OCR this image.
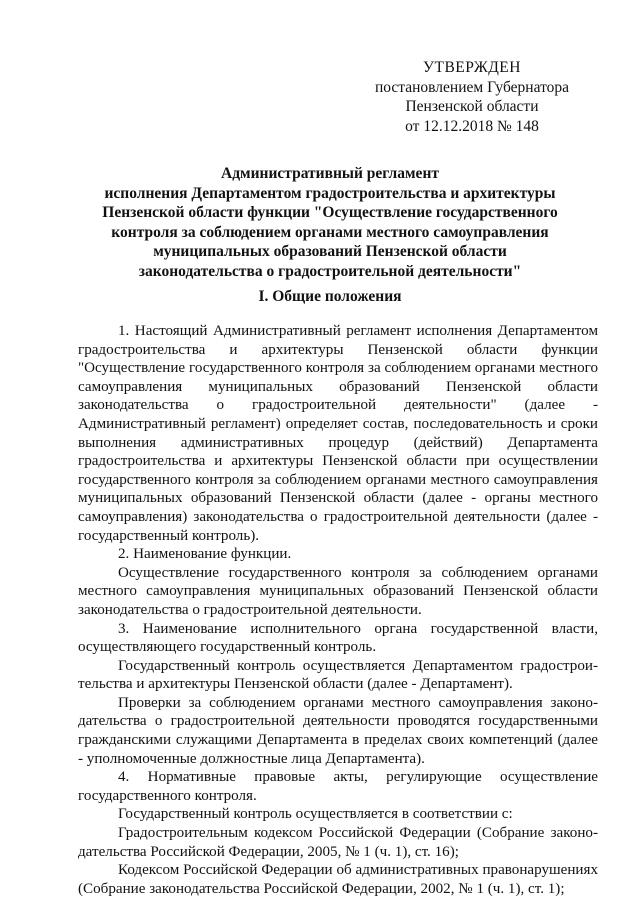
УТВЕРЖДЕН
постановлением Губернатора
Пензенской области
от 12.12.2018 № 148
Административный регламент
исполнения Департаментом градостроительства и архитектуры
Пензенской области функции "Осуществление государственного
контроля за соблюдением органами местного самоуправления
муниципальных образований Пензенской области
законодательства о градостроительной деятельности"
I. Общие положения

1. Настоящий Административный регламент исполнения Департаментом градостроительства и архитектуры Пензенской области функции "Осуществление государственного контроля за соблюдением органами местного самоуправления муниципальных образований Пензенской области законодательства о градостроительной деятельности" (далее - Административный регламент) определяет состав, последовательность и сроки выполнения административных процедур (действий) Департамента градостроительства и архитектуры Пензенской области при осуществлении государственного контроля за соблюдением органами местного самоуправления муниципальных образований Пензенской области (далее - органы местного самоуправления) законодательства о градостроительной деятельности (далее - государственный контроль).

2. Наименование функции.

Осуществление государственного контроля за соблюдением органами местного самоуправления муниципальных образований Пензенской области законодательства о градостроительной деятельности.

3. Наименование исполнительного органа государственной власти, осуществляющего государственный контроль.

Государственный контроль осуществляется Департаментом градостроительства и архитектуры Пензенской области (далее - Департамент).

Проверки за соблюдением органами местного самоуправления законодательства о градостроительной деятельности проводятся государственными гражданскими служащими Департамента в пределах своих компетенций (далее - уполномоченные должностные лица Департамента).

4. Нормативные правовые акты, регулирующие осуществление государственного контроля.

Государственный контроль осуществляется в соответствии с:

Градостроительным кодексом Российской Федерации (Собрание законодательства Российской Федерации, 2005, № 1 (ч. 1), ст. 16);

Кодексом Российской Федерации об административных правонарушениях (Собрание законодательства Российской Федерации, 2002, № 1 (ч. 1), ст. 1);
